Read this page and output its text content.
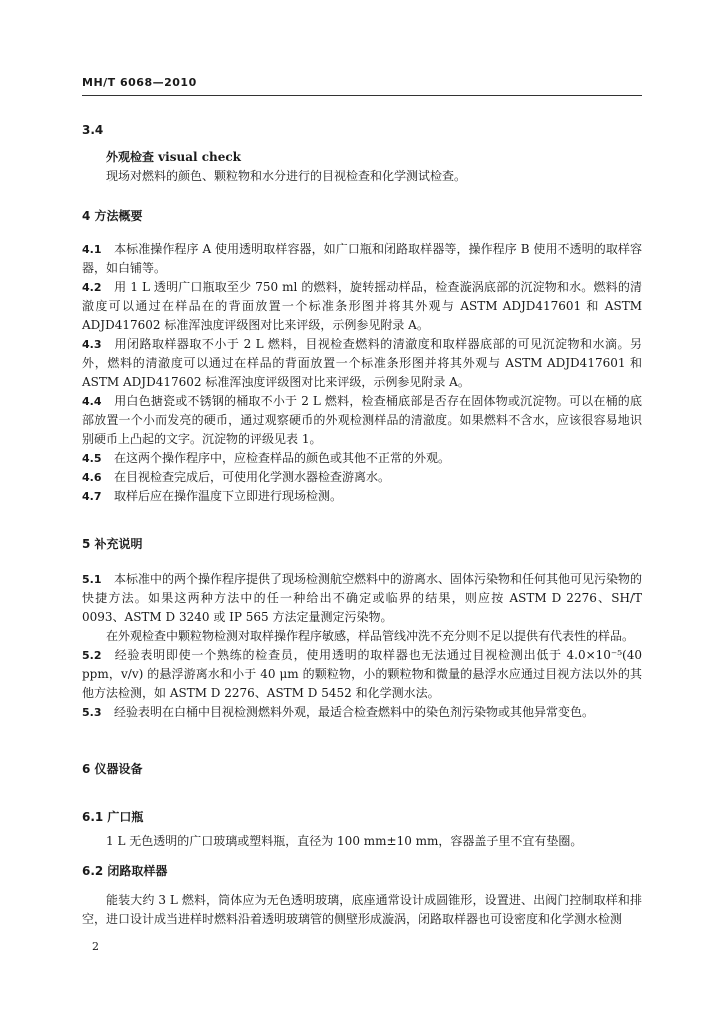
MH/T 6068—2010
3.4
外观检查 visual check
现场对燃料的颜色、颗粒物和水分进行的目视检查和化学测试检查。
4 方法概要
4.1 本标准操作程序 A 使用透明取样容器，如广口瓶和闭路取样器等，操作程序 B 使用不透明的取样容器，如白铺等。
4.2 用 1 L 透明广口瓶取至少 750 ml 的燃料，旋转摇动样品，检查漩涡底部的沉淀物和水。燃料的清澈度可以通过在样品在的背面放置一个标准条形图并将其外观与 ASTM ADJD417601 和 ASTM ADJD417602 标准浑浊度评级图对比来评级，示例参见附录 A。
4.3 用闭路取样器取不小于 2 L 燃料，目视检查燃料的清澈度和取样器底部的可见沉淀物和水滴。另外，燃料的清澈度可以通过在样品的背面放置一个标准条形图并将其外观与 ASTM ADJD417601 和 ASTM ADJD417602 标准浑浊度评级图对比来评级，示例参见附录 A。
4.4 用白色搪瓷或不锈钢的桶取不小于 2 L 燃料，检查桶底部是否存在固体物或沉淀物。可以在桶的底部放置一个小而发亮的硬币，通过观察硬币的外观检测样品的清澈度。如果燃料不含水，应该很容易地识别硬币上凸起的文字。沉淀物的评级见表 1。
4.5 在这两个操作程序中，应检查样品的颜色或其他不正常的外观。
4.6 在目视检查完成后，可使用化学测水器检查游离水。
4.7 取样后应在操作温度下立即进行现场检测。
5 补充说明
5.1 本标准中的两个操作程序提供了现场检测航空燃料中的游离水、固体污染物和任何其他可见污染物的快捷方法。如果这两种方法中的任一种给出不确定或临界的结果，则应按 ASTM D 2276、SH/T 0093、ASTM D 3240 或 IP 565 方法定量测定污染物。
在外观检查中颗粒物检测对取样操作程序敏感，样品管线冲洗不充分则不足以提供有代表性的样品。
5.2 经验表明即使一个熟练的检查员，使用透明的取样器也无法通过目视检测出低于 4.0×10⁻⁵(40 ppm，v/v) 的悬浮游离水和小于 40 μm 的颗粒物，小的颗粒物和微量的悬浮水应通过目视方法以外的其他方法检测，如 ASTM D 2276、ASTM D 5452 和化学测水法。
5.3 经验表明在白桶中目视检测燃料外观，最适合检查燃料中的染色剂污染物或其他异常变色。
6 仪器设备
6.1 广口瓶
1 L 无色透明的广口玻璃或塑料瓶，直径为 100 mm±10 mm，容器盖子里不宜有垫圈。
6.2 闭路取样器
能装大约 3 L 燃料，筒体应为无色透明玻璃，底座通常设计成圆锥形，设置进、出阀门控制取样和排空，进口设计成当进样时燃料沿着透明玻璃管的侧壁形成漩涡，闭路取样器也可设密度和化学测水检测
2
